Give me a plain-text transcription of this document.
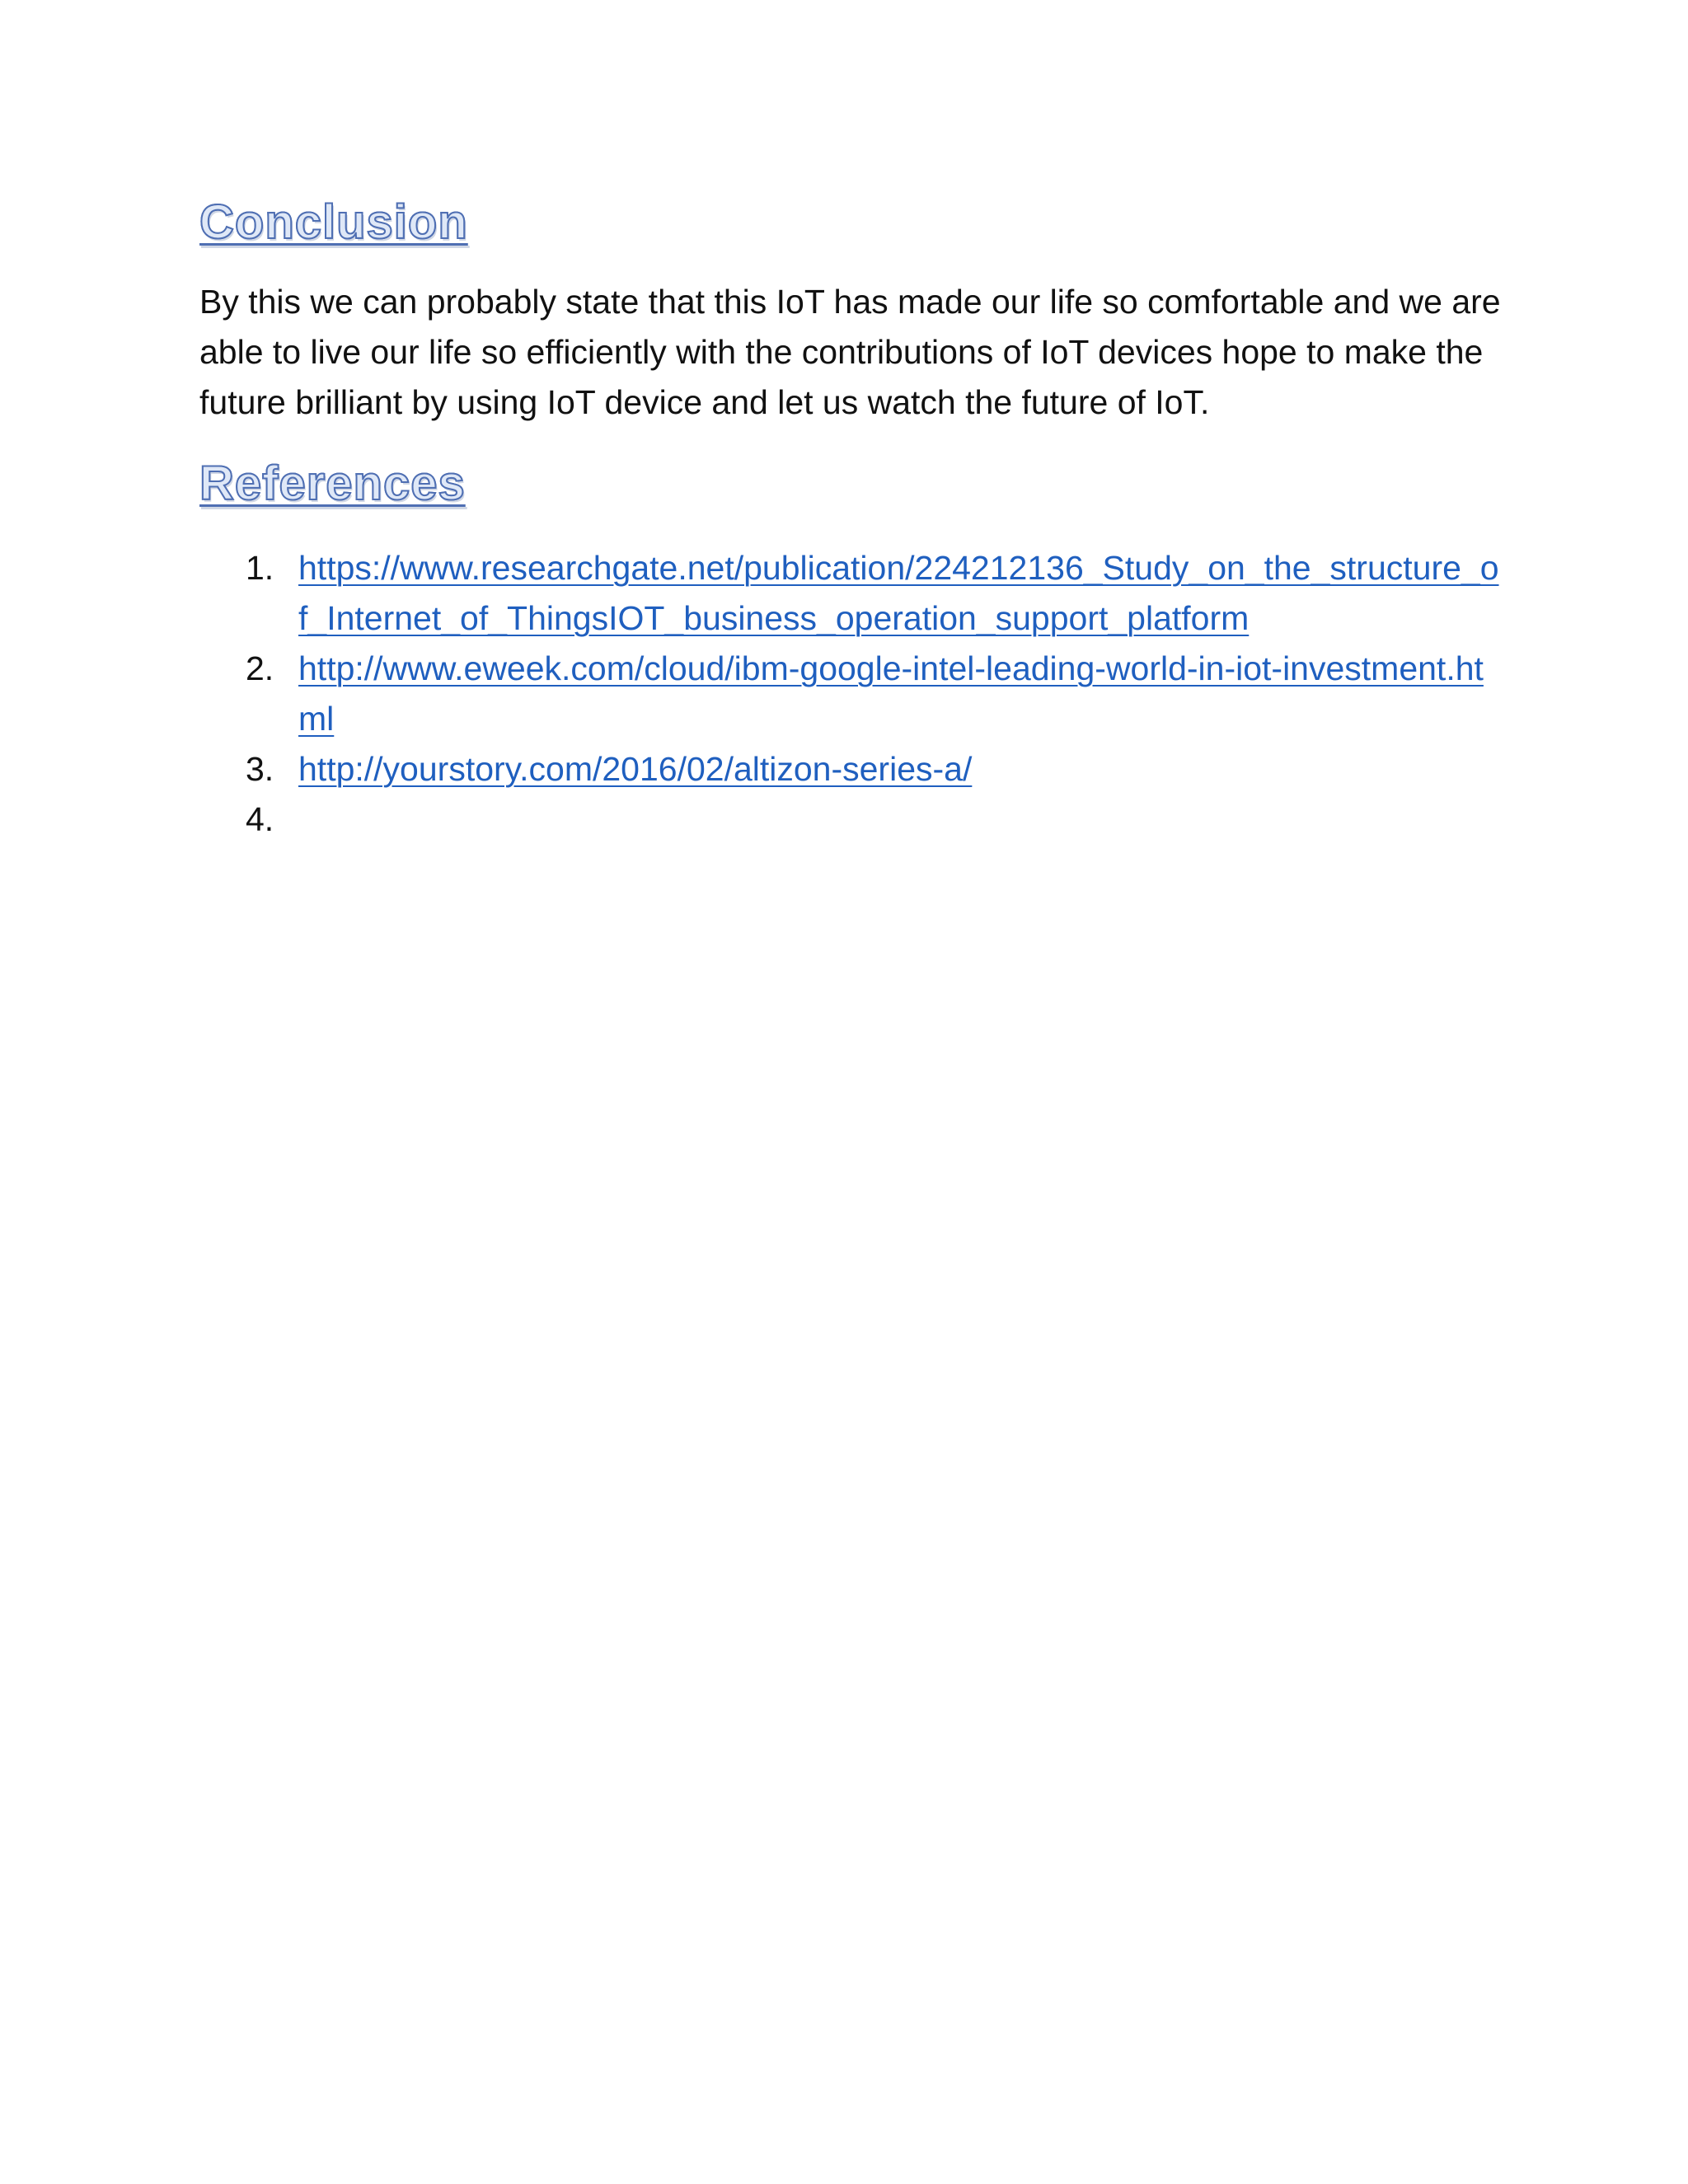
Conclusion

By this we can probably state that this IoT has made our life so comfortable and we are able to live our life so efficiently with the contributions of IoT devices hope to make the future brilliant by using IoT device and let us watch the future of IoT.

References
1. https://www.researchgate.net/publication/224212136_Study_on_the_structure_of_Internet_of_ThingsIOT_business_operation_support_platform
2. http://www.eweek.com/cloud/ibm-google-intel-leading-world-in-iot-investment.html
3. http://yourstory.com/2016/02/altizon-series-a/
4.
